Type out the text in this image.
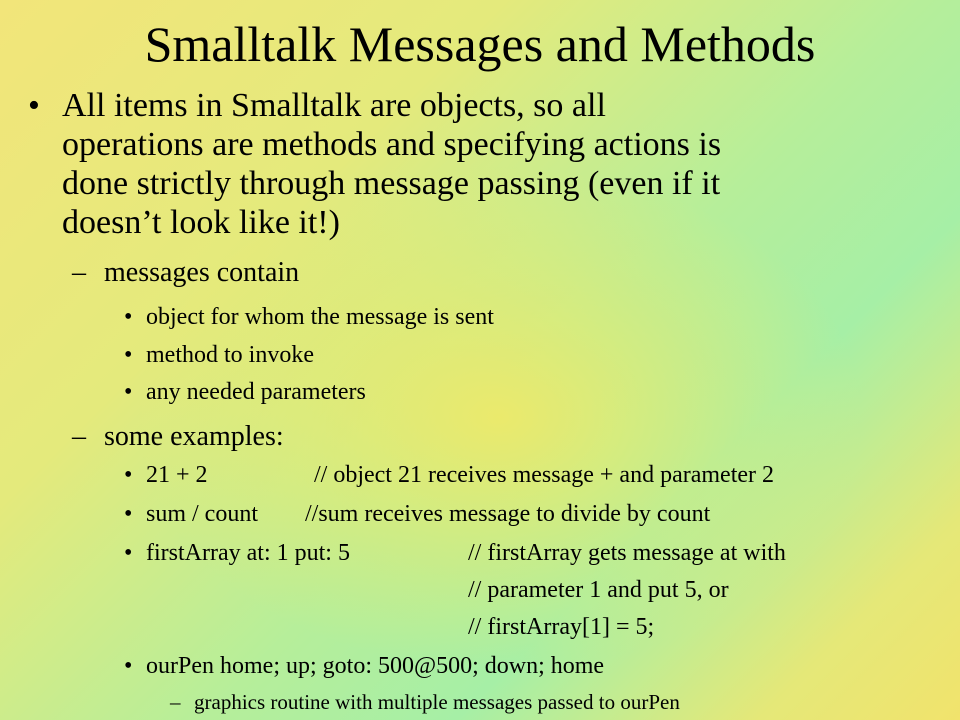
Smalltalk Messages and Methods
• All items in Smalltalk are objects, so all
operations are methods and specifying actions is
done strictly through message passing (even if it
doesn’t look like it!)
– messages contain
• object for whom the message is sent
• method to invoke
• any needed parameters
– some examples:
• 21 + 2	// object 21 receives message + and parameter 2
• sum / count //sum receives message to divide by count
• firstArray at: 1 put: 5	// firstArray gets message at with
// parameter 1 and put 5, or
// firstArray[1] = 5;
• ourPen home; up; goto: 500@500; down; home
– graphics routine with multiple messages passed to ourPen
